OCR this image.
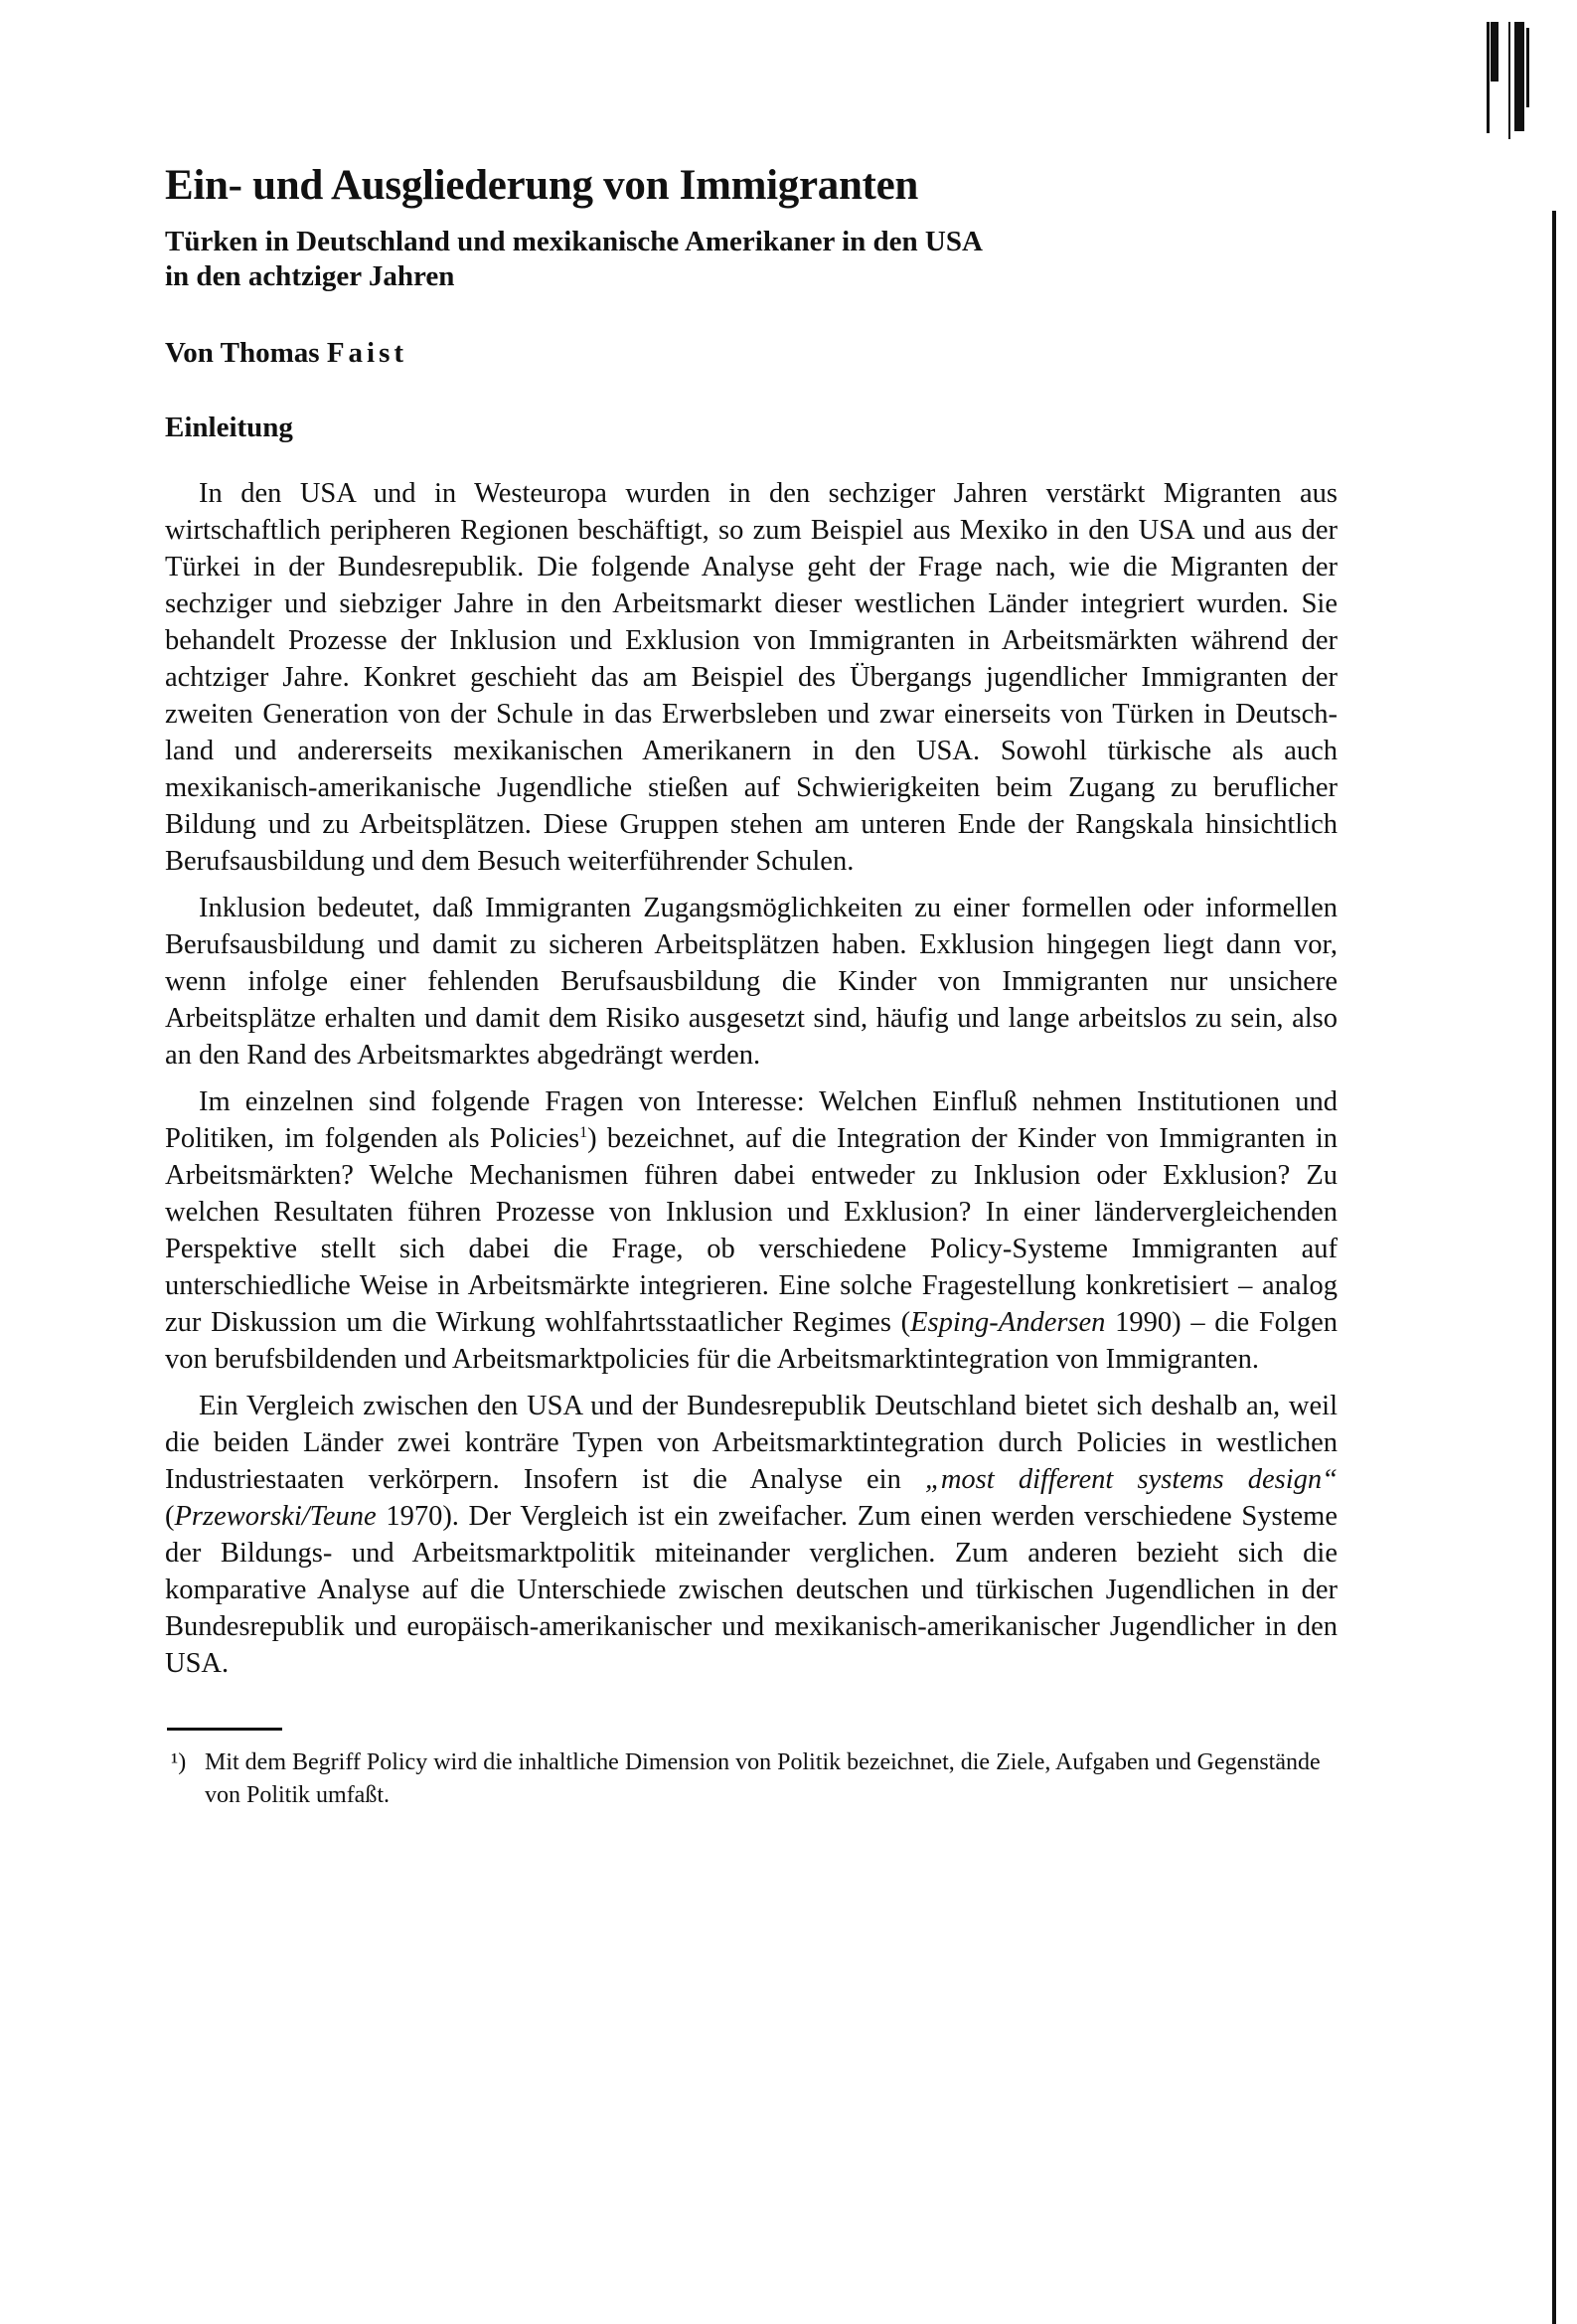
Ein- und Ausgliederung von Immigranten
Türken in Deutschland und mexikanische Amerikaner in den USA
in den achtziger Jahren
Von Thomas Faist
Einleitung

In den USA und in Westeuropa wurden in den sechziger Jahren verstärkt Migranten aus wirtschaftlich peripheren Regionen beschäftigt, so zum Beispiel aus Mexiko in den USA und aus der Türkei in der Bundesrepublik. Die folgende Analyse geht der Frage nach, wie die Migranten der sechziger und siebziger Jahre in den Arbeitsmarkt dieser westlichen Länder integriert wurden. Sie behandelt Prozesse der Inklusion und Exklusion von Immigranten in Arbeitsmärkten während der achtziger Jahre. Konkret geschieht das am Beispiel des Übergangs jugendlicher Immigranten der zweiten Generation von der Schule in das Erwerbsleben und zwar einerseits von Türken in Deutschland und andererseits mexikanischen Amerikanern in den USA. Sowohl türkische als auch mexikanisch-amerikanische Jugendliche stießen auf Schwierigkeiten beim Zugang zu beruflicher Bildung und zu Arbeitsplätzen. Diese Gruppen stehen am unteren Ende der Rangskala hinsichtlich Berufsausbildung und dem Besuch weiterführender Schulen.

Inklusion bedeutet, daß Immigranten Zugangsmöglichkeiten zu einer formellen oder informellen Berufsausbildung und damit zu sicheren Arbeitsplätzen haben. Exklusion hingegen liegt dann vor, wenn infolge einer fehlenden Berufsausbildung die Kinder von Immigranten nur unsichere Arbeitsplätze erhalten und damit dem Risiko ausgesetzt sind, häufig und lange arbeitslos zu sein, also an den Rand des Arbeitsmarktes abgedrängt werden.

Im einzelnen sind folgende Fragen von Interesse: Welchen Einfluß nehmen Institutionen und Politiken, im folgenden als Policies$^1$) bezeichnet, auf die Integration der Kinder von Immigranten in Arbeitsmärkten? Welche Mechanismen führen dabei entweder zu Inklusion oder Exklusion? Zu welchen Resultaten führen Prozesse von Inklusion und Exklusion? In einer ländervergleichenden Perspektive stellt sich dabei die Frage, ob verschiedene Policy-Systeme Immigranten auf unterschiedliche Weise in Arbeitsmärkte integrieren. Eine solche Fragestellung konkretisiert – analog zur Diskussion um die Wirkung wohlfahrtsstaatlicher Regimes (Esping-Andersen 1990) – die Folgen von berufsbildenden und Arbeitsmarktpolicies für die Arbeitsmarktintegration von Immigranten.

Ein Vergleich zwischen den USA und der Bundesrepublik Deutschland bietet sich deshalb an, weil die beiden Länder zwei konträre Typen von Arbeitsmarktintegration durch Policies in westlichen Industriestaaten verkörpern. Insofern ist die Analyse ein „most different systems design“ (Przeworski/Teune 1970). Der Vergleich ist ein zweifacher. Zum einen werden verschiedene Systeme der Bildungs- und Arbeitsmarktpolitik miteinander verglichen. Zum anderen bezieht sich die komparative Analyse auf die Unterschiede zwischen deutschen und türkischen Jugendlichen in der Bundesrepublik und europäisch-amerikanischer und mexikanisch-amerikanischer Jugendlicher in den USA.

¹) Mit dem Begriff Policy wird die inhaltliche Dimension von Politik bezeichnet, die Ziele, Aufgaben und Gegenstände von Politik umfaßt.
